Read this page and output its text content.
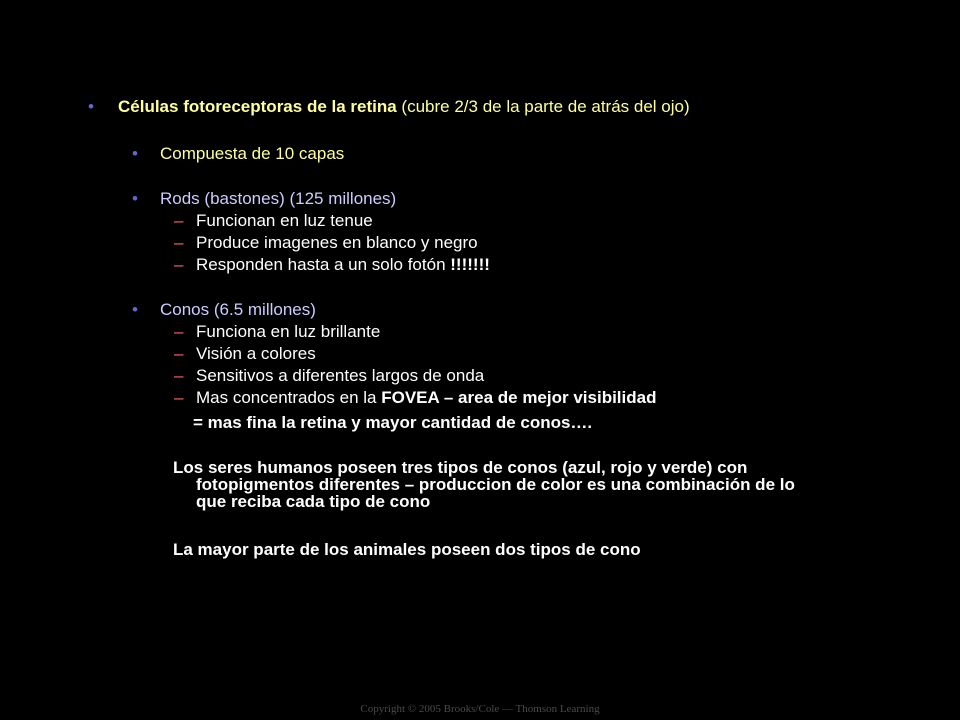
• Células fotoreceptoras de la retina (cubre 2/3 de la parte de atrás del ojo)
• Compuesta de 10 capas
• Rods (bastones) (125 millones)
– Funcionan en luz tenue
– Produce imagenes en blanco y negro
– Responden hasta a un solo fotón !!!!!!!
• Conos (6.5 millones)
– Funciona en luz brillante
– Visión a colores
– Sensitivos a diferentes largos de onda
– Mas concentrados en la FOVEA – area de mejor visibilidad
= mas fina la retina y mayor cantidad de conos….
Los seres humanos poseen tres tipos de conos (azul, rojo y verde) con
fotopigmentos diferentes – produccion de color es una combinación de lo
que reciba cada tipo de cono
La mayor parte de los animales poseen dos tipos de cono
Copyright © 2005 Brooks/Cole — Thomson Learning
